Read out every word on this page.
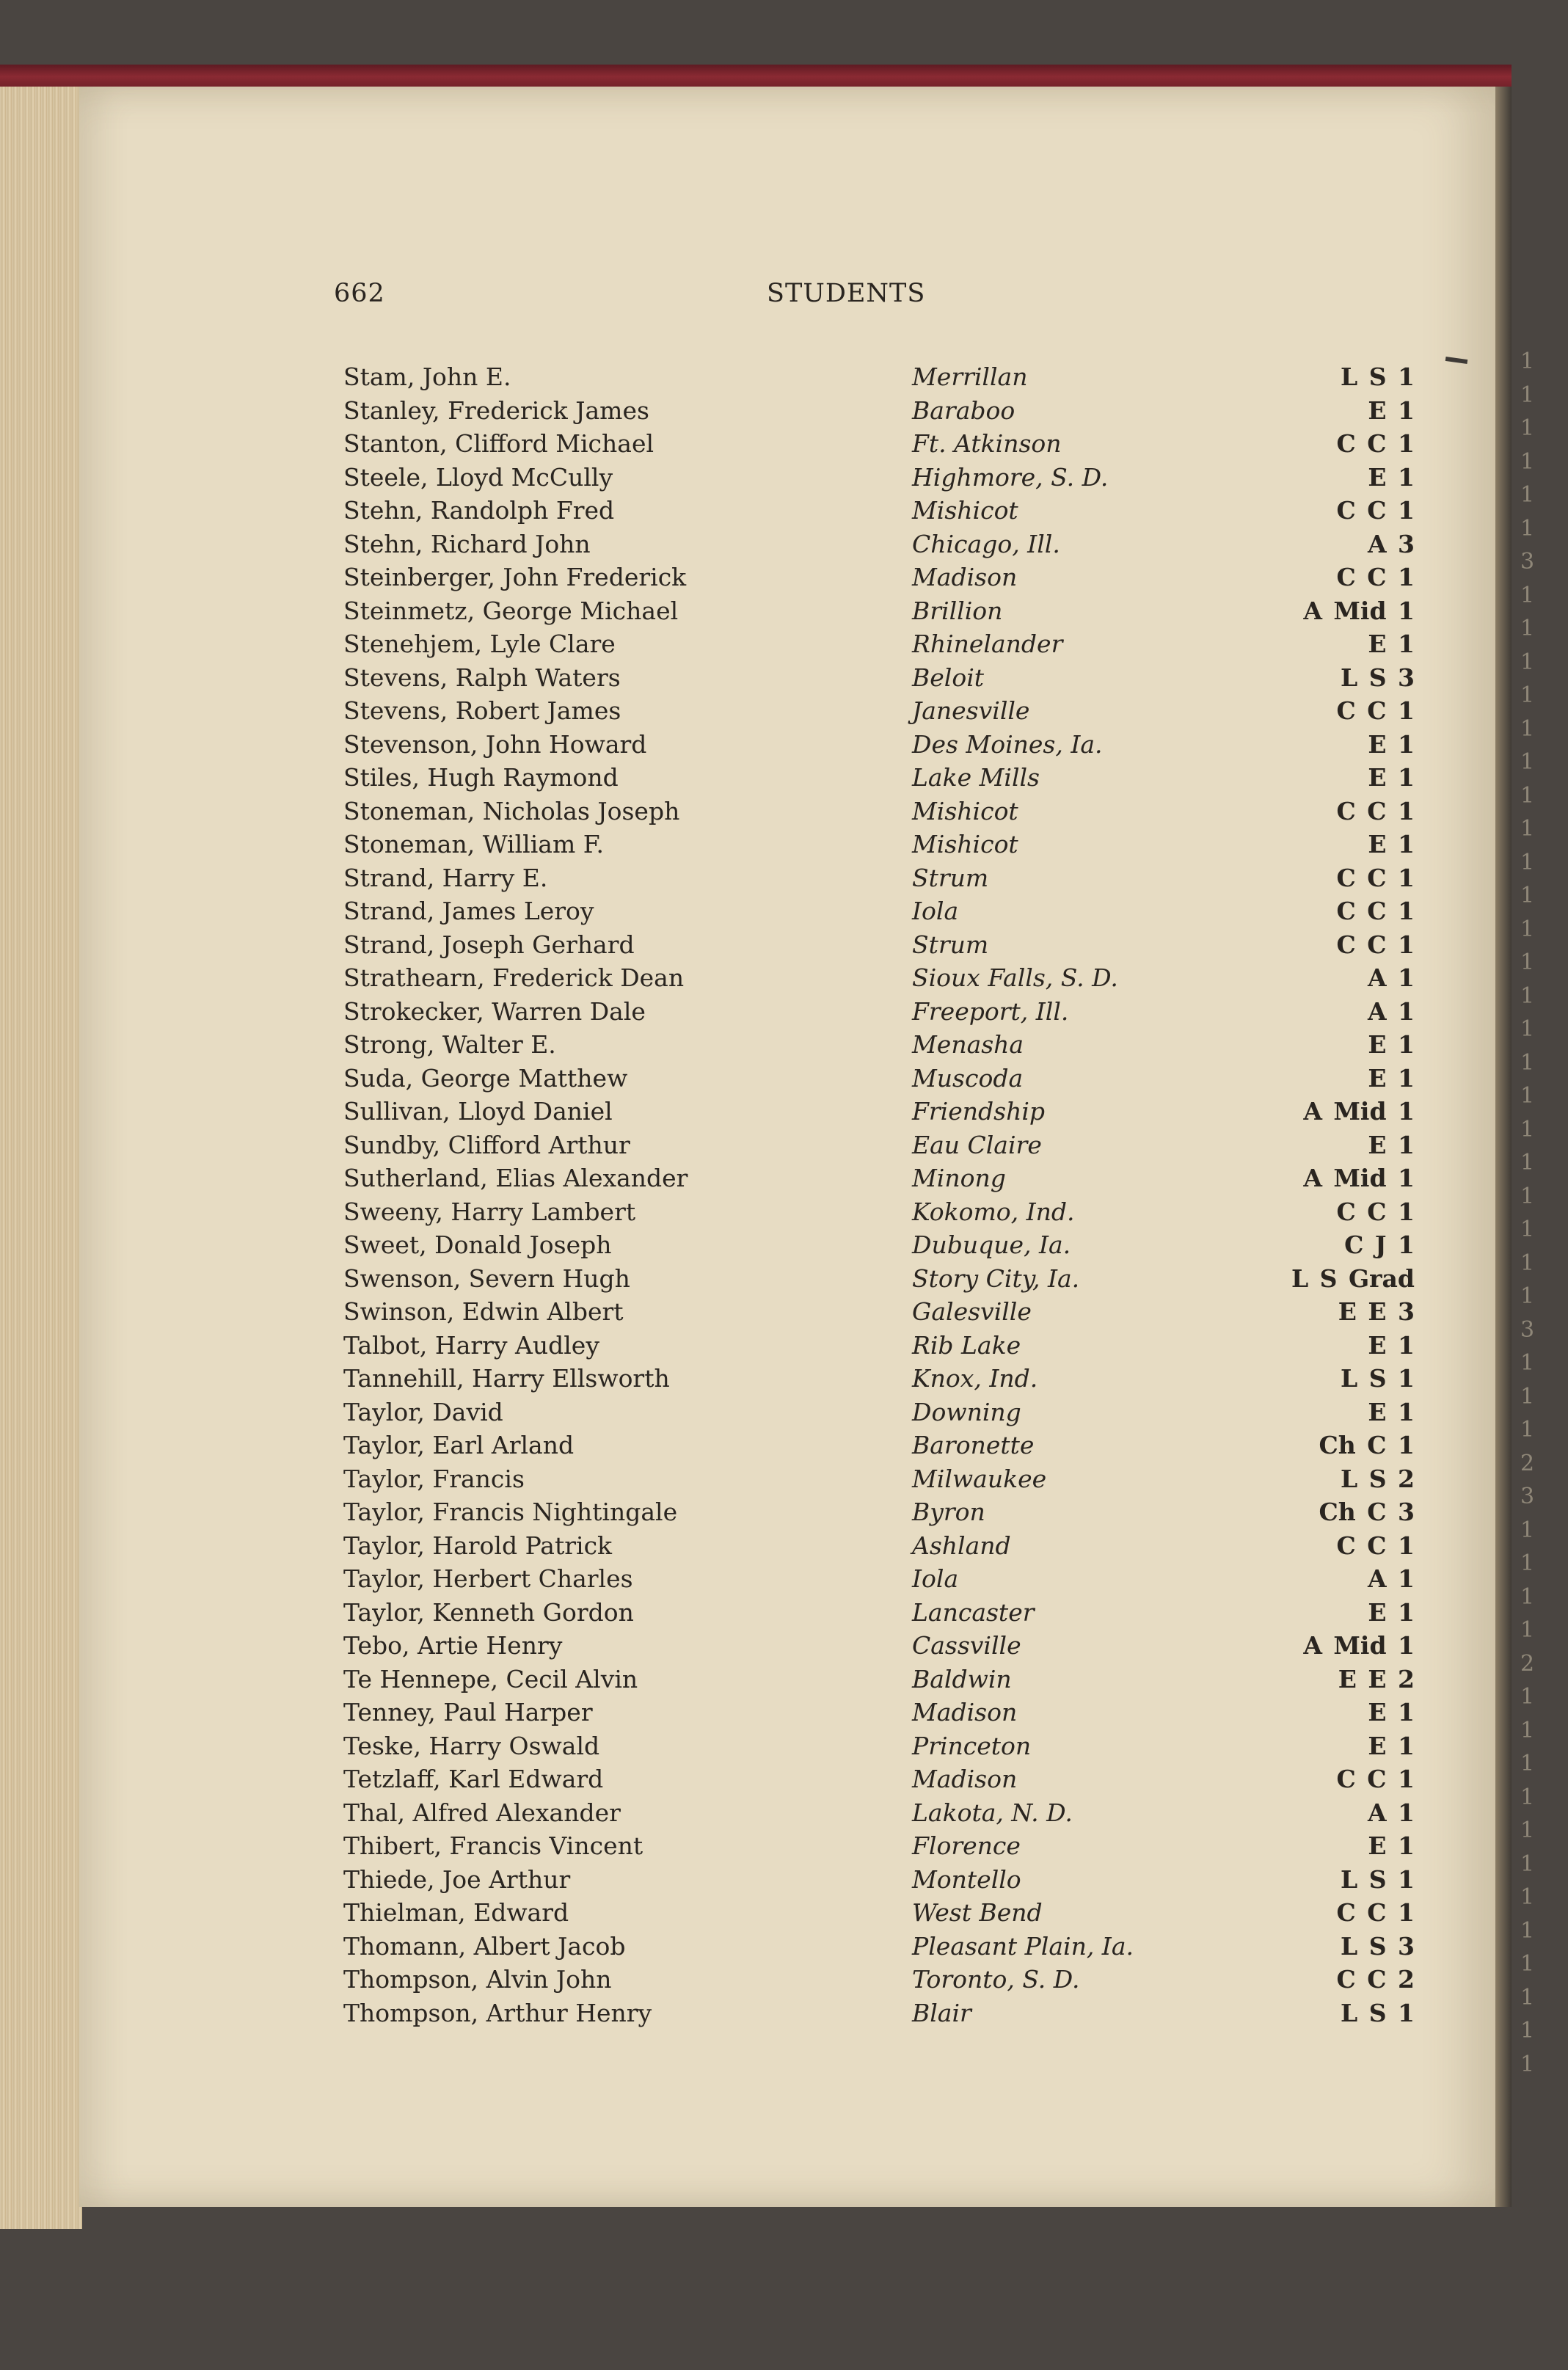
1
1
1
1
1
1
3
1
1
1
1
1
1
1
1
1
1
1
1
1
1
1
1
1
1
1
1
1
1
3
1
1
1
2
3
1
1
1
1
2
1
1
1
1
1
1
1
1
1
1
1
1
662	STUDENTS
Stam, John E.	Merrillan	L S 1
Stanley, Frederick James	Baraboo	E 1
Stanton, Clifford Michael	Ft. Atkinson	C C 1
Steele, Lloyd McCully	Highmore, S. D.	E 1
Stehn, Randolph Fred	Mishicot	C C 1
Stehn, Richard John	Chicago, Ill.	A 3
Steinberger, John Frederick	Madison	C C 1
Steinmetz, George Michael	Brillion	A Mid 1
Stenehjem, Lyle Clare	Rhinelander	E 1
Stevens, Ralph Waters	Beloit	L S 3
Stevens, Robert James	Janesville	C C 1
Stevenson, John Howard	Des Moines, Ia.	E 1
Stiles, Hugh Raymond	Lake Mills	E 1
Stoneman, Nicholas Joseph	Mishicot	C C 1
Stoneman, William F.	Mishicot	E 1
Strand, Harry E.	Strum	C C 1
Strand, James Leroy	Iola	C C 1
Strand, Joseph Gerhard	Strum	C C 1
Strathearn, Frederick Dean	Sioux Falls, S. D.	A 1
Strokecker, Warren Dale	Freeport, Ill.	A 1
Strong, Walter E.	Menasha	E 1
Suda, George Matthew	Muscoda	E 1
Sullivan, Lloyd Daniel	Friendship	A Mid 1
Sundby, Clifford Arthur	Eau Claire	E 1
Sutherland, Elias Alexander	Minong	A Mid 1
Sweeny, Harry Lambert	Kokomo, Ind.	C C 1
Sweet, Donald Joseph	Dubuque, Ia.	C J 1
Swenson, Severn Hugh	Story City, Ia.	L S Grad
Swinson, Edwin Albert	Galesville	E E 3
Talbot, Harry Audley	Rib Lake	E 1
Tannehill, Harry Ellsworth	Knox, Ind.	L S 1
Taylor, David	Downing	E 1
Taylor, Earl Arland	Baronette	Ch C 1
Taylor, Francis	Milwaukee	L S 2
Taylor, Francis Nightingale	Byron	Ch C 3
Taylor, Harold Patrick	Ashland	C C 1
Taylor, Herbert Charles	Iola	A 1
Taylor, Kenneth Gordon	Lancaster	E 1
Tebo, Artie Henry	Cassville	A Mid 1
Te Hennepe, Cecil Alvin	Baldwin	E E 2
Tenney, Paul Harper	Madison	E 1
Teske, Harry Oswald	Princeton	E 1
Tetzlaff, Karl Edward	Madison	C C 1
Thal, Alfred Alexander	Lakota, N. D.	A 1
Thibert, Francis Vincent	Florence	E 1
Thiede, Joe Arthur	Montello	L S 1
Thielman, Edward	West Bend	C C 1
Thomann, Albert Jacob	Pleasant Plain, Ia.	L S 3
Thompson, Alvin John	Toronto, S. D.	C C 2
Thompson, Arthur Henry	Blair	L S 1
